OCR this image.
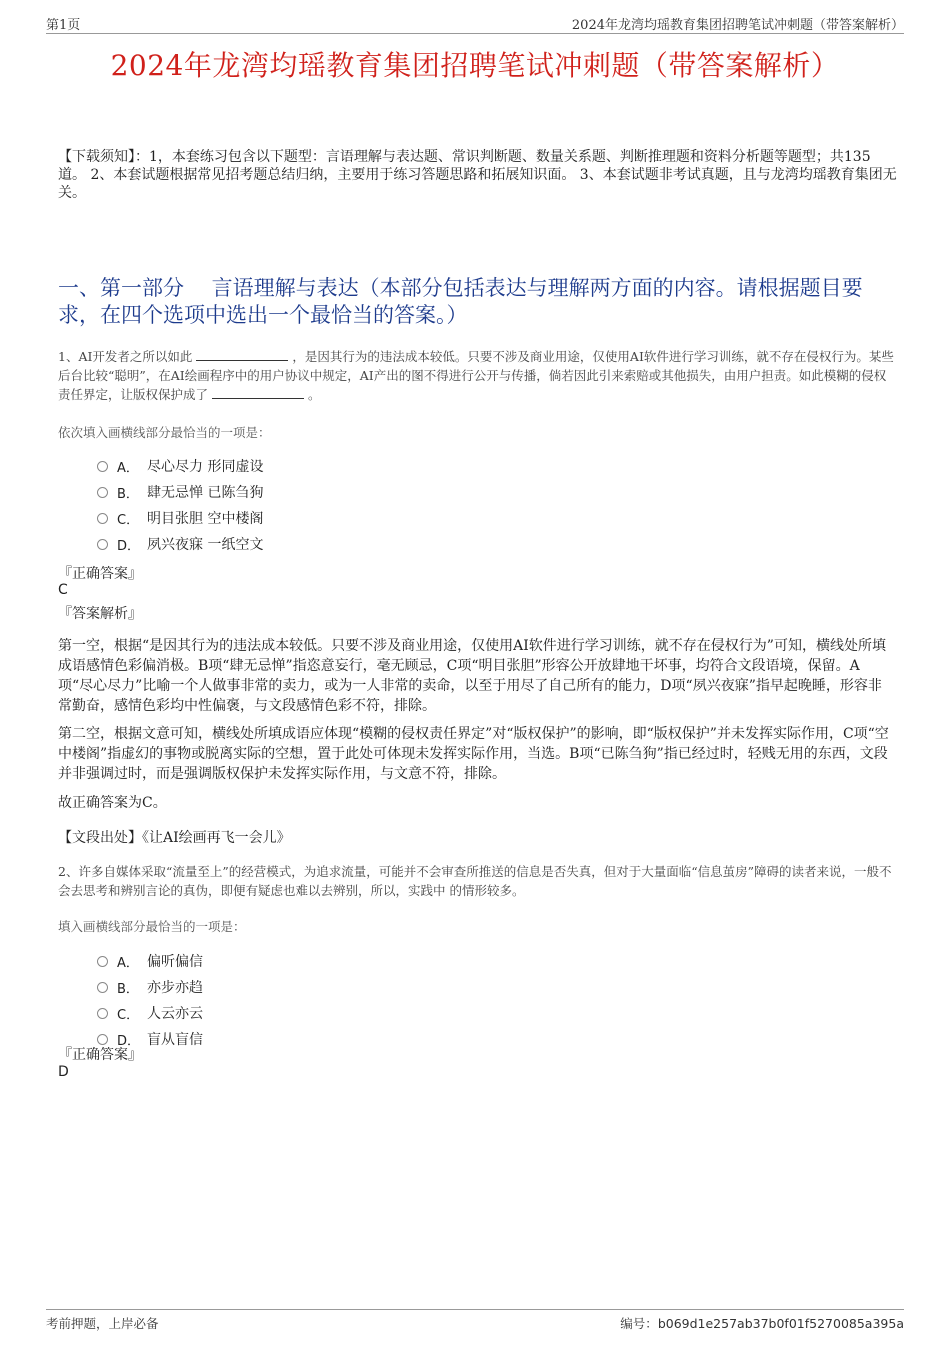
第1页	2024年龙湾均瑶教育集团招聘笔试冲刺题（带答案解析）
2024年龙湾均瑶教育集团招聘笔试冲刺题（带答案解析）
【下载须知】：1，本套练习包含以下题型：言语理解与表达题、常识判断题、数量关系题、判断推理题和资料分析题等题型；共135道。 2、本套试题根据常见招考题总结归纳，主要用于练习答题思路和拓展知识面。 3、本套试题非考试真题，且与龙湾均瑶教育集团无关。
一、第一部分　 言语理解与表达（本部分包括表达与理解两方面的内容。请根据题目要求，在四个选项中选出一个最恰当的答案。）
1、AI开发者之所以如此	，是因其行为的违法成本较低。只要不涉及商业用途，仅使用AI软件进行学习训练，就不存在侵权行为。某些后台比较“聪明”，在AI绘画程序中的用户协议中规定，AI产出的图不得进行公开与传播，倘若因此引来索赔或其他损失，由用户担责。如此模糊的侵权责任界定，让版权保护成了	。
依次填入画横线部分最恰当的一项是：
A． 尽心尽力 形同虚设
B． 肆无忌惮 已陈刍狗
C． 明目张胆 空中楼阁
D． 夙兴夜寐 一纸空文
『正确答案』
C
『答案解析』
第一空，根据“是因其行为的违法成本较低。只要不涉及商业用途，仅使用AI软件进行学习训练，就不存在侵权行为”可知，横线处所填成语感情色彩偏消极。B项“肆无忌惮”指恣意妄行，毫无顾忌，C项“明目张胆”形容公开放肆地干坏事，均符合文段语境，保留。A项“尽心尽力”比喻一个人做事非常的卖力，或为一人非常的卖命，以至于用尽了自己所有的能力，D项“夙兴夜寐”指早起晚睡，形容非常勤奋，感情色彩均中性偏褒，与文段感情色彩不符，排除。
第二空，根据文意可知，横线处所填成语应体现“模糊的侵权责任界定”对“版权保护”的影响，即“版权保护”并未发挥实际作用，C项“空中楼阁”指虚幻的事物或脱离实际的空想，置于此处可体现未发挥实际作用，当选。B项“已陈刍狗”指已经过时，轻贱无用的东西，文段并非强调过时，而是强调版权保护未发挥实际作用，与文意不符，排除。
故正确答案为C。
【文段出处】《让AI绘画再飞一会儿》
2、许多自媒体采取“流量至上”的经营模式，为追求流量，可能并不会审查所推送的信息是否失真，但对于大量面临“信息茧房”障碍的读者来说，一般不会去思考和辨别言论的真伪，即便有疑虑也难以去辨别，所以，实践中 的情形较多。
填入画横线部分最恰当的一项是：
A． 偏听偏信
B． 亦步亦趋
C． 人云亦云
D． 盲从盲信
『正确答案』
D
考前押题，上岸必备	编号：b069d1e257ab37b0f01f5270085a395a
